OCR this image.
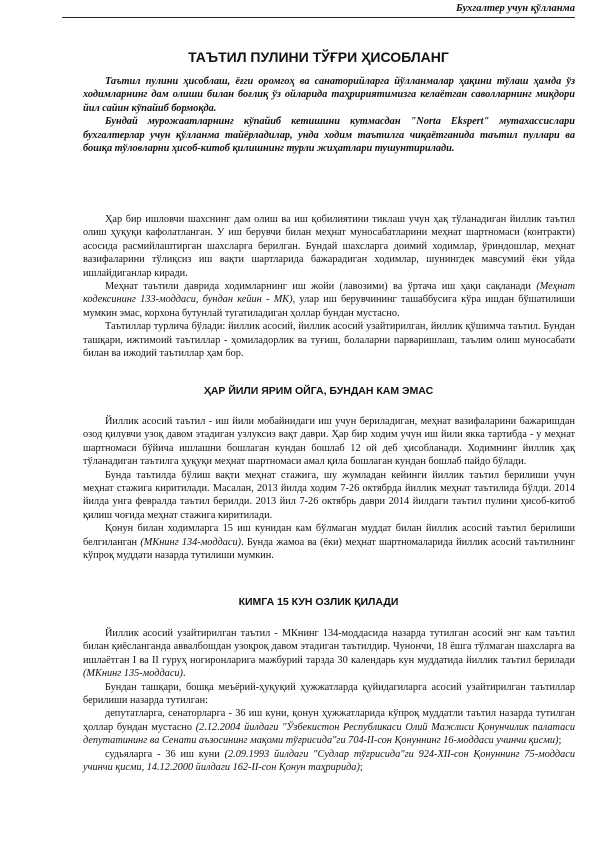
Бухгалтер учун қўлланма
ТАЪТИЛ ПУЛИНИ ТЎҒРИ ҲИСОБЛАНГ

Таътил пулини ҳисоблаш, ёғги оромгоҳ ва санаторийларга йўлланмалар ҳақини тўлаш ҳамда ўз ходимларнинг дам олиши билан боғлиқ ўз ойларида таҳририятимизга келаётган саволларнинг миқдори йил сайин кўпайиб бормоқда.

Бундай мурожаатларнинг кўпайиб кетишини кутмасдан "Norta Ekspert" мутахассислари бухгалтерлар учун қўлланма тайёрладилар, унда ходим таътилга чиқаётганида таътил пуллари ва бошқа тўловларни ҳисоб-китоб қилишнинг турли жиҳатлари тушунтирилади.

Ҳар бир ишловчи шахснинг дам олиш ва иш қобилиятини тиклаш учун ҳақ тўланадиган йиллик таътил олиш ҳуқуқи кафолатланган. У иш берувчи билан меҳнат муносабатларини меҳнат шартномаси (контракти) асосида расмийлаштирган шахсларга берилган. Бундай шахсларга доимий ходимлар, ўриндошлар, меҳнат вазифаларини тўлиқсиз иш вақти шартларида бажарадиган ходимлар, шунингдек мавсумий ёки уйда ишлайдиганлар киради.

Меҳнат таътили даврида ходимларнинг иш жойи (лавозими) ва ўртача иш ҳақи сақланади (Меҳнат кодексининг 133-моддаси, бундан кейин - МК), улар иш берувчининг ташаббусига кўра ишдан бўшатилиши мумкин эмас, корхона бутунлай тугатиладиган ҳоллар бундан мустасно.

Таътиллар турлича бўлади: йиллик асосий, йиллик асосий узайтирилган, йиллик қўшимча таътил. Бундан ташқари, ижтимоий таътиллар - ҳомиладорлик ва туғиш, болаларни парваришлаш, таълим олиш муносабати билан ва ижодий таътиллар ҳам бор.

ҲАР ЙИЛИ ЯРИМ ОЙГА, БУНДАН КАМ ЭМАС

Йиллик асосий таътил - иш йили мобайнидаги иш учун бериладиган, меҳнат вазифаларини бажаришдан озод қилувчи узоқ давом этадиган узлуксиз вақт даври. Ҳар бир ходим учун иш йили якка тартибда - у меҳнат шартномаси бўйича ишлашни бошлаган кундан бошлаб 12 ой деб ҳисобланади. Ходимнинг йиллик ҳақ тўланадиган таътилга ҳуқуқи меҳнат шартномаси амал қила бошлаган кундан бошлаб пайдо бўлади.

Бунда таътилда бўлиш вақти меҳнат стажига, шу жумладан кейинги йиллик таътил берилиши учун меҳнат стажига киритилади. Масалан, 2013 йилда ходим 7-26 октябрда йиллик меҳнат таътилида бўлди. 2014 йилда унга февралда таътил берилди. 2013 йил 7-26 октябрь даври 2014 йилдаги таътил пулини ҳисоб-китоб қилиш чоғида меҳнат стажига киритилади.

Қонун билан ходимларга 15 иш кунидан кам бўлмаган муддат билан йиллик асосий таътил берилиши белгиланган (МКнинг 134-моддаси). Бунда жамоа ва (ёки) меҳнат шартномаларида йиллик асосий таътилнинг кўпроқ муддати назарда тутилиши мумкин.

КИМГА 15 КУН ОЗЛИК ҚИЛАДИ

Йиллик асосий узайтирилган таътил - МКнинг 134-моддасида назарда тутилган асосий энг кам таътил билан қиёсланганда аввалбошдан узоқроқ давом этадиган таътилдир. Чунончи, 18 ёшга тўлмаган шахсларга ва ишлаётган I ва II гуруҳ ногиронларига мажбурий тарзда 30 календарь кун муддатида йиллик таътил берилади (МКнинг 135-моддаси).

Бундан ташқари, бошқа меъёрий-ҳуқуқий ҳужжатларда қуйидагиларга асосий узайтирилган таътиллар берилиши назарда тутилган:

депутатларга, сенаторларга - 36 иш куни, қонун ҳужжатларида кўпроқ муддатли таътил назарда тутилган ҳоллар бундан мустасно (2.12.2004 йилдаги "Ўзбекистон Республикаси Олий Мажлиси Қонунчилик палатаси депутатининг ва Сенати аъзосининг мақоми тўғрисида"ги 704-II-сон Қонуннинг 16-моддаси учинчи қисми);

судьяларга - 36 иш куни (2.09.1993 йилдаги "Судлар тўғрисида"ги 924-XII-сон Қонуннинг 75-моддаси учинчи қисми, 14.12.2000 йилдаги 162-II-сон Қонун таҳририда);
